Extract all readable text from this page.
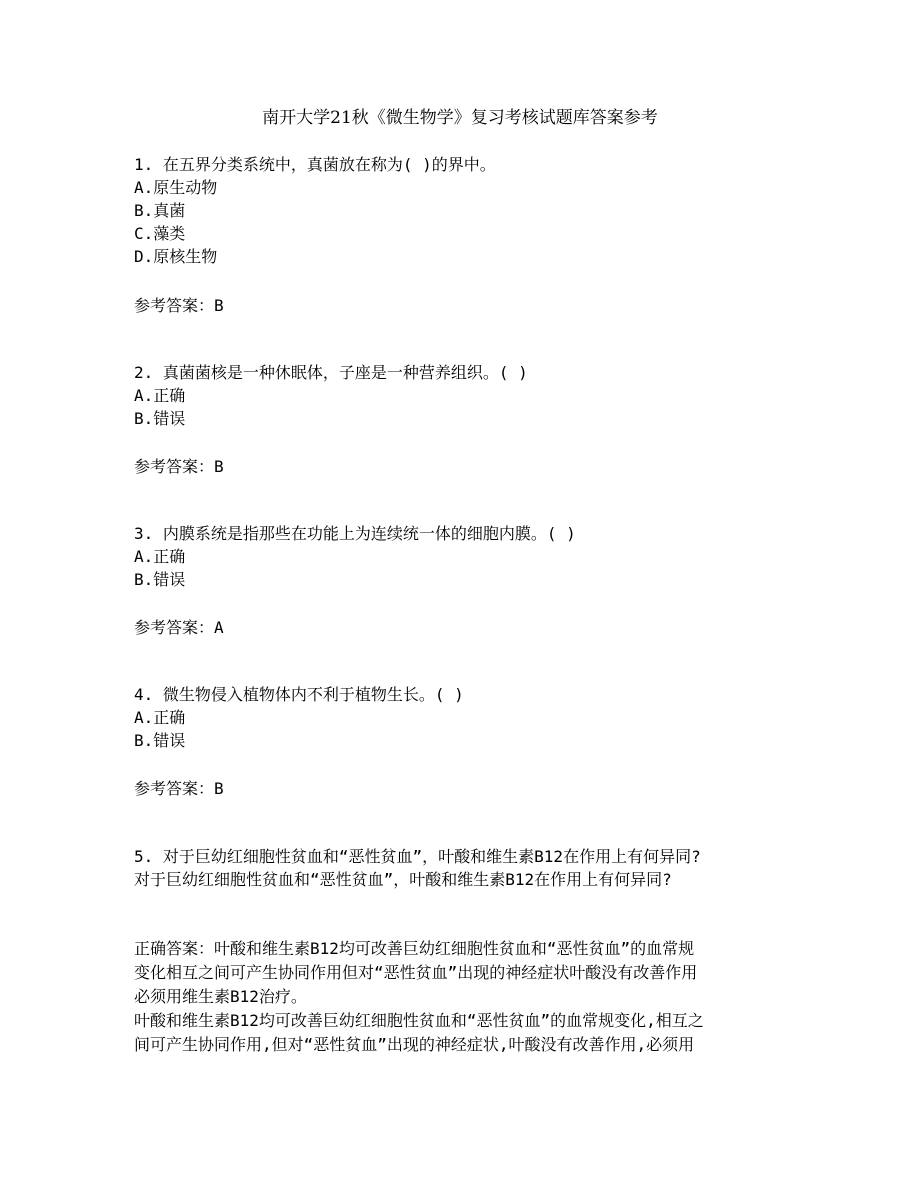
南开大学21秋《微生物学》复习考核试题库答案参考
1. 在五界分类系统中，真菌放在称为( )的界中。
A.原生动物
B.真菌
C.藻类
D.原核生物
参考答案：B
2. 真菌菌核是一种休眠体，子座是一种营养组织。( )
A.正确
B.错误
参考答案：B
3. 内膜系统是指那些在功能上为连续统一体的细胞内膜。( )
A.正确
B.错误
参考答案：A
4. 微生物侵入植物体内不利于植物生长。( )
A.正确
B.错误
参考答案：B
5. 对于巨幼红细胞性贫血和“恶性贫血”，叶酸和维生素B12在作用上有何异同?
对于巨幼红细胞性贫血和“恶性贫血”，叶酸和维生素B12在作用上有何异同?
正确答案：叶酸和维生素B12均可改善巨幼红细胞性贫血和“恶性贫血”的血常规
变化相互之间可产生协同作用但对“恶性贫血”出现的神经症状叶酸没有改善作用
必须用维生素B12治疗。
叶酸和维生素B12均可改善巨幼红细胞性贫血和“恶性贫血”的血常规变化,相互之
间可产生协同作用,但对“恶性贫血”出现的神经症状,叶酸没有改善作用,必须用
